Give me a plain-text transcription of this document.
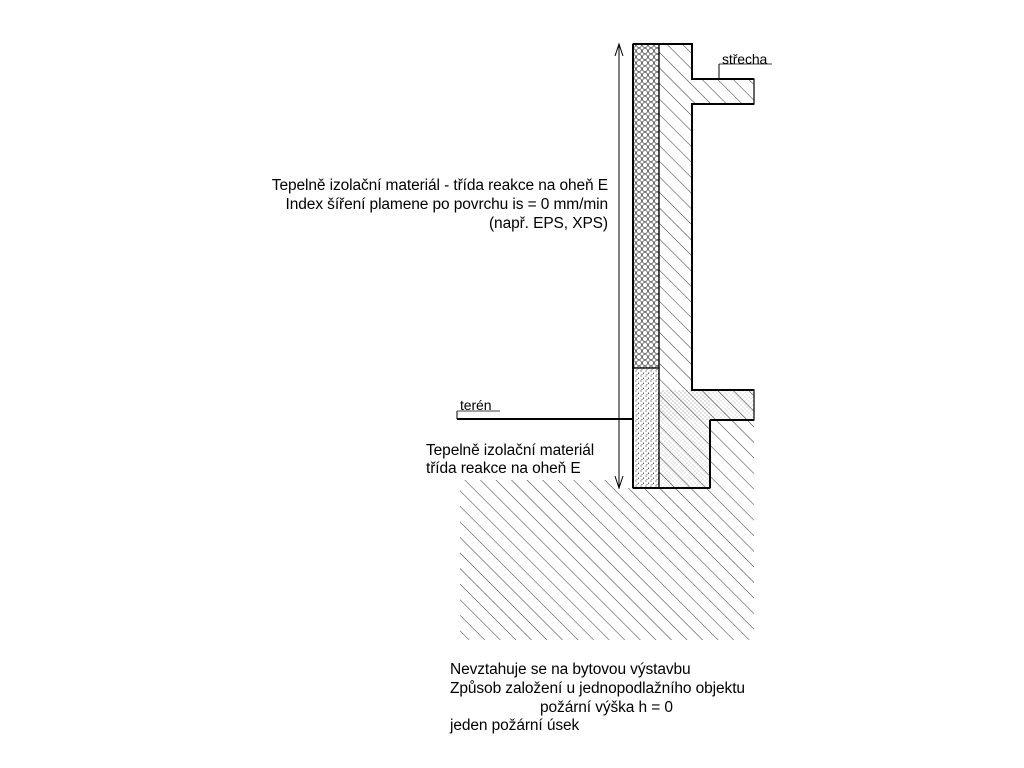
střecha
terén
Tepelně izolační materiál - třída reakce na oheň E
Index šíření plamene po povrchu is = 0 mm/min
(např. EPS, XPS)
Tepelně izolační materiál
třída reakce na oheň E
Nevztahuje se na bytovou výstavbu
Způsob založení u jednopodlažního objektu
požární výška h = 0
jeden požární úsek
